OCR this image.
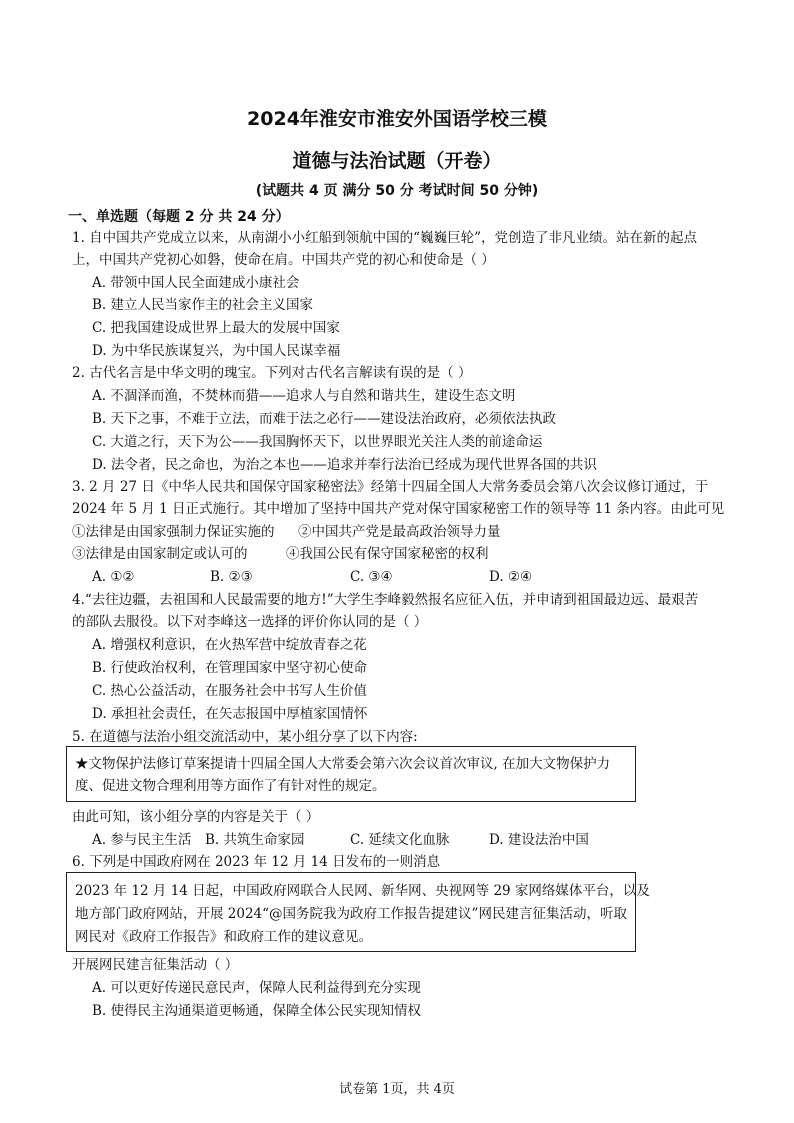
2024年淮安市淮安外国语学校三模
道德与法治试题（开卷）
(试题共 4 页 满分 50 分 考试时间 50 分钟)
一、单选题（每题 2 分 共 24 分）
1. 自中国共产党成立以来，从南湖小小红船到领航中国的“巍巍巨轮”，党创造了非凡业绩。站在新的起点
上，中国共产党初心如磐，使命在肩。中国共产党的初心和使命是（ ）
A. 带领中国人民全面建成小康社会
B. 建立人民当家作主的社会主义国家
C. 把我国建设成世界上最大的发展中国家
D. 为中华民族谋复兴，为中国人民谋幸福
2. 古代名言是中华文明的瑰宝。下列对古代名言解读有误的是（ ）
A. 不涸泽而渔，不焚林而猎——追求人与自然和谐共生，建设生态文明
B. 天下之事，不难于立法，而难于法之必行——建设法治政府，必须依法执政
C. 大道之行，天下为公——我国胸怀天下，以世界眼光关注人类的前途命运
D. 法令者，民之命也，为治之本也——追求并奉行法治已经成为现代世界各国的共识
3. 2 月 27 日《中华人民共和国保守国家秘密法》经第十四届全国人大常务委员会第八次会议修订通过，于
2024 年 5 月 1 日正式施行。其中增加了坚持中国共产党对保守国家秘密工作的领导等 11 条内容。由此可见
①法律是由国家强制力保证实施的 ②中国共产党是最高政治领导力量
③法律是由国家制定或认可的	④我国公民有保守国家秘密的权利
A. ①②	B. ②③	C. ③④	D. ②④
4.“去往边疆，去祖国和人民最需要的地方!”大学生李峰毅然报名应征入伍，并申请到祖国最边远、最艰苦
的部队去服役。以下对李峰这一选择的评价你认同的是（ ）
A. 增强权利意识，在火热军营中绽放青春之花
B. 行使政治权利，在管理国家中坚守初心使命
C. 热心公益活动，在服务社会中书写人生价值
D. 承担社会责任，在矢志报国中厚植家国情怀
5. 在道德与法治小组交流活动中，某小组分享了以下内容:
★文物保护法修订草案提请十四届全国人大常委会第六次会议首次审议, 在加大文物保护力
度、促进文物合理利用等方面作了有针对性的规定。
由此可知，该小组分享的内容是关于（ ）
A. 参与民主生活 B. 共筑生命家园	C. 延续文化血脉	D. 建设法治中国
6. 下列是中国政府网在 2023 年 12 月 14 日发布的一则消息
2023 年 12 月 14 日起，中国政府网联合人民网、新华网、央视网等 29 家网络媒体平台，以及
地方部门政府网站，开展 2024“@国务院我为政府工作报告提建议”网民建言征集活动，听取
网民对《政府工作报告》和政府工作的建议意见。
开展网民建言征集活动（ ）
A. 可以更好传递民意民声，保障人民利益得到充分实现
B. 使得民主沟通渠道更畅通，保障全体公民实现知情权
试卷第 1页，共 4页
